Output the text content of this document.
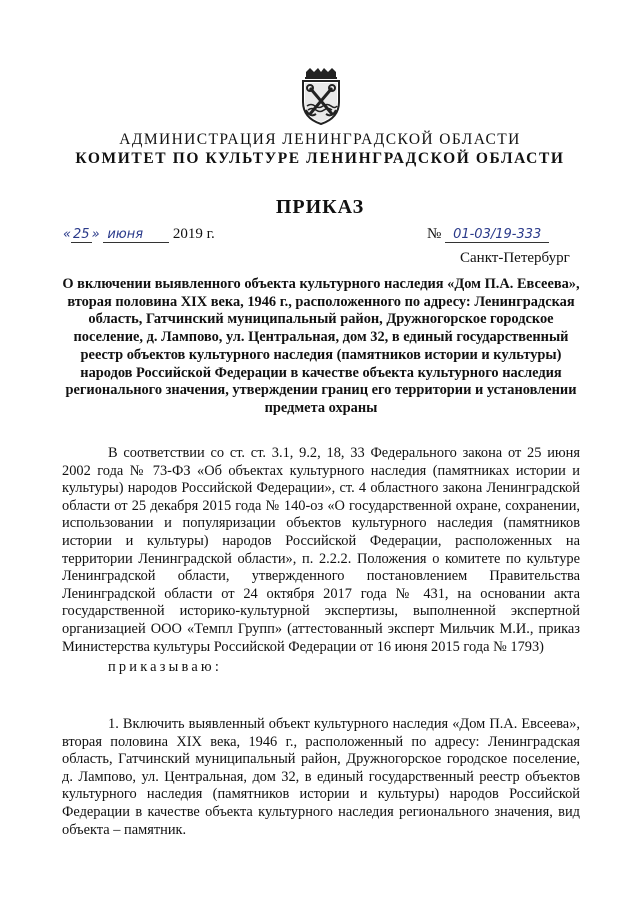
АДМИНИСТРАЦИЯ ЛЕНИНГРАДСКОЙ ОБЛАСТИ
КОМИТЕТ ПО КУЛЬТУРЕ ЛЕНИНГРАДСКОЙ ОБЛАСТИ
ПРИКАЗ
« 25 » июня 2019 г.	№ 01-03/19-333
Санкт-Петербург
О включении выявленного объекта культурного наследия «Дом П.А. Евсеева», вторая половина XIX века, 1946 г., расположенного по адресу: Ленинградская область, Гатчинский муниципальный район, Дружногорское городское поселение, д. Лампово, ул. Центральная, дом 32, в единый государственный реестр объектов культурного наследия (памятников истории и культуры) народов Российской Федерации в качестве объекта культурного наследия регионального значения, утверждении границ его территории и установлении предмета охраны
В соответствии со ст. ст. 3.1, 9.2, 18, 33 Федерального закона от 25 июня 2002 года № 73-ФЗ «Об объектах культурного наследия (памятниках истории и культуры) народов Российской Федерации», ст. 4 областного закона Ленинградской области от 25 декабря 2015 года № 140-оз «О государственной охране, сохранении, использовании и популяризации объектов культурного наследия (памятников истории и культуры) народов Российской Федерации, расположенных на территории Ленинградской области», п. 2.2.2. Положения о комитете по культуре Ленинградской области, утвержденного постановлением Правительства Ленинградской области от 24 октября 2017 года № 431, на основании акта государственной историко-культурной экспертизы, выполненной экспертной организацией ООО «Темпл Групп» (аттестованный эксперт Мильчик М.И., приказ Министерства культуры Российской Федерации от 16 июня 2015 года № 1793)
приказываю:
1. Включить выявленный объект культурного наследия «Дом П.А. Евсеева», вторая половина XIX века, 1946 г., расположенный по адресу: Ленинградская область, Гатчинский муниципальный район, Дружногорское городское поселение, д. Лампово, ул. Центральная, дом 32, в единый государственный реестр объектов культурного наследия (памятников истории и культуры) народов Российской Федерации в качестве объекта культурного наследия регионального значения, вид объекта – памятник.
